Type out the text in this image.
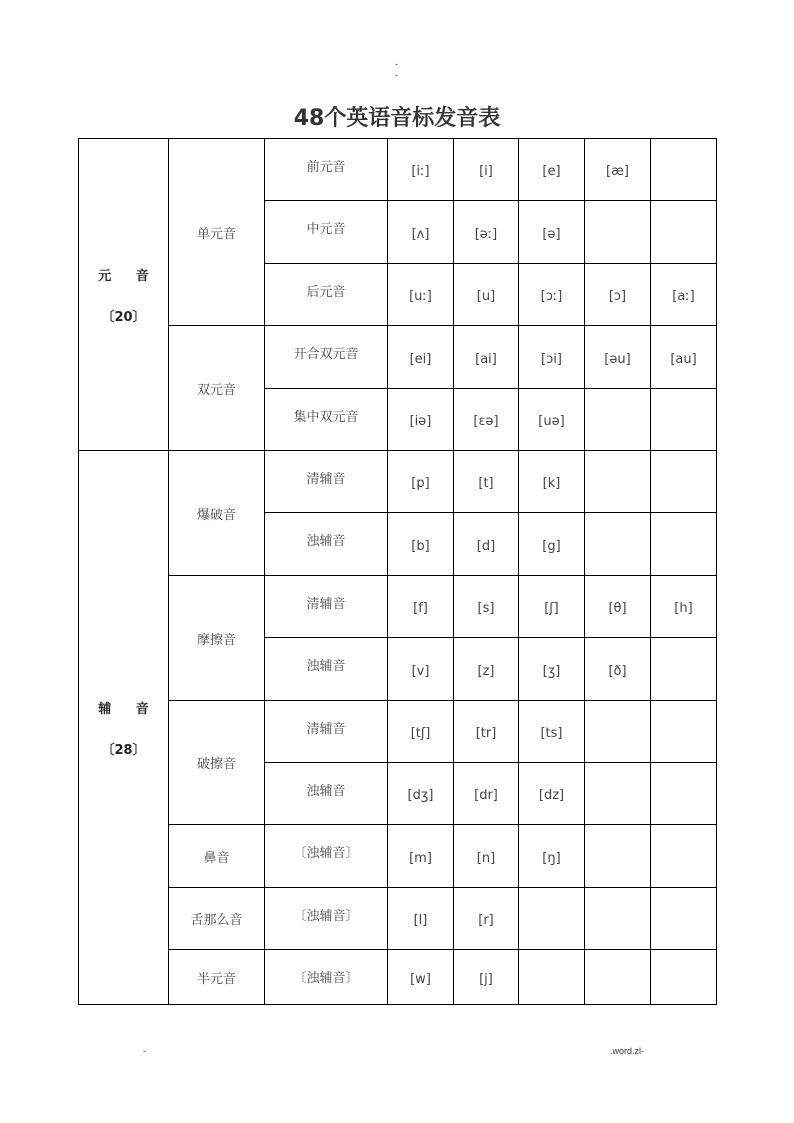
-
-
48个英语音标发音表
元 音
〔20〕	单元音	前元音	[iː]	[i]	[e]	[æ]	
		中元音	[ʌ]	[əː]	[ə]		
		后元音	[uː]	[u]	[ɔː]	[ɔ]	[aː]
	双元音	开合双元音	[ei]	[ai]	[ɔi]	[əu]	[au]
		集中双元音	[iə]	[εə]	[uə]		

辅 音
〔28〕	爆破音	清辅音	[p]	[t]	[k]		
		浊辅音	[b]	[d]	[g]		
	摩擦音	清辅音	[f]	[s]	[ʃ]	[θ]	[h]
		浊辅音	[v]	[z]	[ʒ]	[ð]	
	破擦音	清辅音	[tʃ]	[tr]	[ts]		
		浊辅音	[dʒ]	[dr]	[dz]		
	鼻音	〔浊辅音〕	[m]	[n]	[ŋ]		
	舌那么音	〔浊辅音〕	[l]	[r]			
	半元音	〔浊辅音〕	[w]	[j]			
-	.word.zl-
